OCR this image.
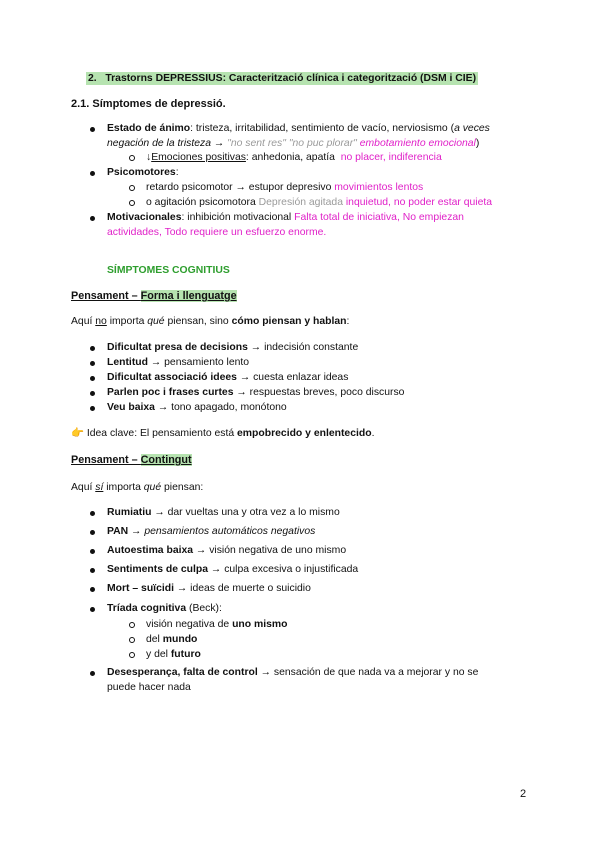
2. Trastorns DEPRESSIUS: Caracterització clínica i categorització (DSM i CIE)
2.1. Símptomes de depressió.
Estado de ánimo: tristeza, irritabilidad, sentimiento de vacío, nerviosismo (a veces
negación de la tristeza → "no sent res" "no puc plorar" embotamiento emocional)
↓Emociones positivas: anhedonia, apatía no placer, indiferencia
Psicomotores:
retardo psicomotor → estupor depresivo movimientos lentos
o agitación psicomotora Depresión agitada inquietud, no poder estar quieta
Motivacionales: inhibición motivacional Falta total de iniciativa, No empiezan
actividades, Todo requiere un esfuerzo enorme.
SÍMPTOMES COGNITIUS
Pensament – Forma i llenguatge
Aquí no importa qué piensan, sino cómo piensan y hablan:
Dificultat presa de decisions → indecisión constante
Lentitud → pensamiento lento
Dificultat associació idees → cuesta enlazar ideas
Parlen poc i frases curtes → respuestas breves, poco discurso
Veu baixa → tono apagado, monótono
👉 Idea clave: El pensamiento está empobrecido y enlentecido.
Pensament – Contingut
Aquí sí importa qué piensan:
Rumiatiu → dar vueltas una y otra vez a lo mismo
PAN → pensamientos automáticos negativos
Autoestima baixa → visión negativa de uno mismo
Sentiments de culpa → culpa excesiva o injustificada
Mort – suïcidi → ideas de muerte o suicidio
Tríada cognitiva (Beck):
visión negativa de uno mismo
del mundo
y del futuro
Desesperança, falta de control → sensación de que nada va a mejorar y no se
puede hacer nada
2
